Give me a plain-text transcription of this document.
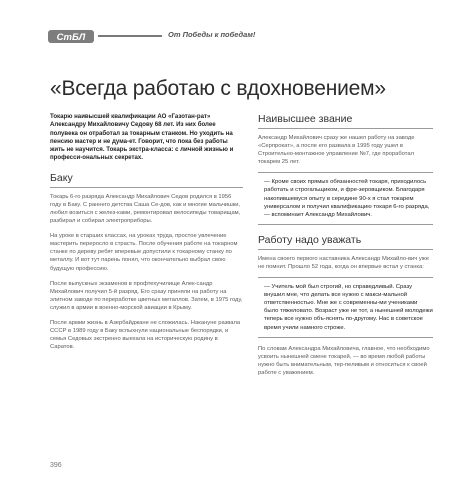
СтБЛ	От Победы к победам!
«Всегда работаю с вдохновением»

Токарю наивысшей квалификации АО «Газотан-рат» Александру Михайловичу Седову 68 лет. Из них более полувека он отработал за токарным станком. Но уходить на пенсию мастер и не дума-ет. Говорит, что пока без работы жить не научится. Токарь экстра-класса: с личной жизнью и професси-ональных секретах.

Баку

Токарь 6-го разряда Александр Михайлович Седов родился в 1956 году в Баку. С раннего детства Саша Се-дов, как и многие мальчишки, любил возиться с желез-ками, ремонтировал велосипеды товарищам, разбирал и собирал электроприборы.

На уроке в старших классах, на уроках труда, простое увлечение мастерить переросло в страсть. После обучения работе на токарном станке по дереву ребят вперевые допустили к токарному станку по металлу. И вот тут парень понял, что окончательно выбрал свою будущую профессию.

После выпускных экзаменов в профтехучилище Алек-сандр Михайлович получил 5-й разряд. Его сразу приняли на работу на элитном заводе по переработке цветных металлов. Затем, в 1975 году, служил в армии в военно-морской авиации в Крыму.

После армии жизнь в Азербайджане не сложилась. Накануне развала СССР в 1989 году в Баку вспыхнули национальные беспорядки, и семья Седовых экстренно выехала на историческую родину в Саратов.

Наивысшее звание

Александр Михайлович сразу же нашел работу на заводе «Серпрокат», а после его развала в 1995 году ушел в Строительно-монтажное управление №7, где проработал токарем 25 лет.

— Кроме своих прямых обязанностей токаря, приходилось работать и строгальщиком, и фре-зеровщиком. Благодаря накопившемуся опыту в середине 90-х я стал токарем универсалом и получил квалификацию токаря 6-го разряда, — вспоминает Александр Михайлович.

Работу надо уважать

Имена своего первого наставника Александр Михайло-вич уже не помнит. Прошло 52 года, когда он впервые встал у станка:

— Учитель мой был строгий, но справедливый. Сразу внушил мне, что делать все нужно с макси-мальной ответственностью. Мне же с современны-ми учениками было тяжеловато. Возраст уже не тот, а нынешней молодежи теперь все нужно объ-яснять по-другому. Нас в советское время учили намного строже.

По словам Александра Михайловича, главное, что необходимо усвоить нынешней смене токарей, — во время любой работы нужно быть внимательным, тер-пеливым и относиться к своей работе с уважением.

396
